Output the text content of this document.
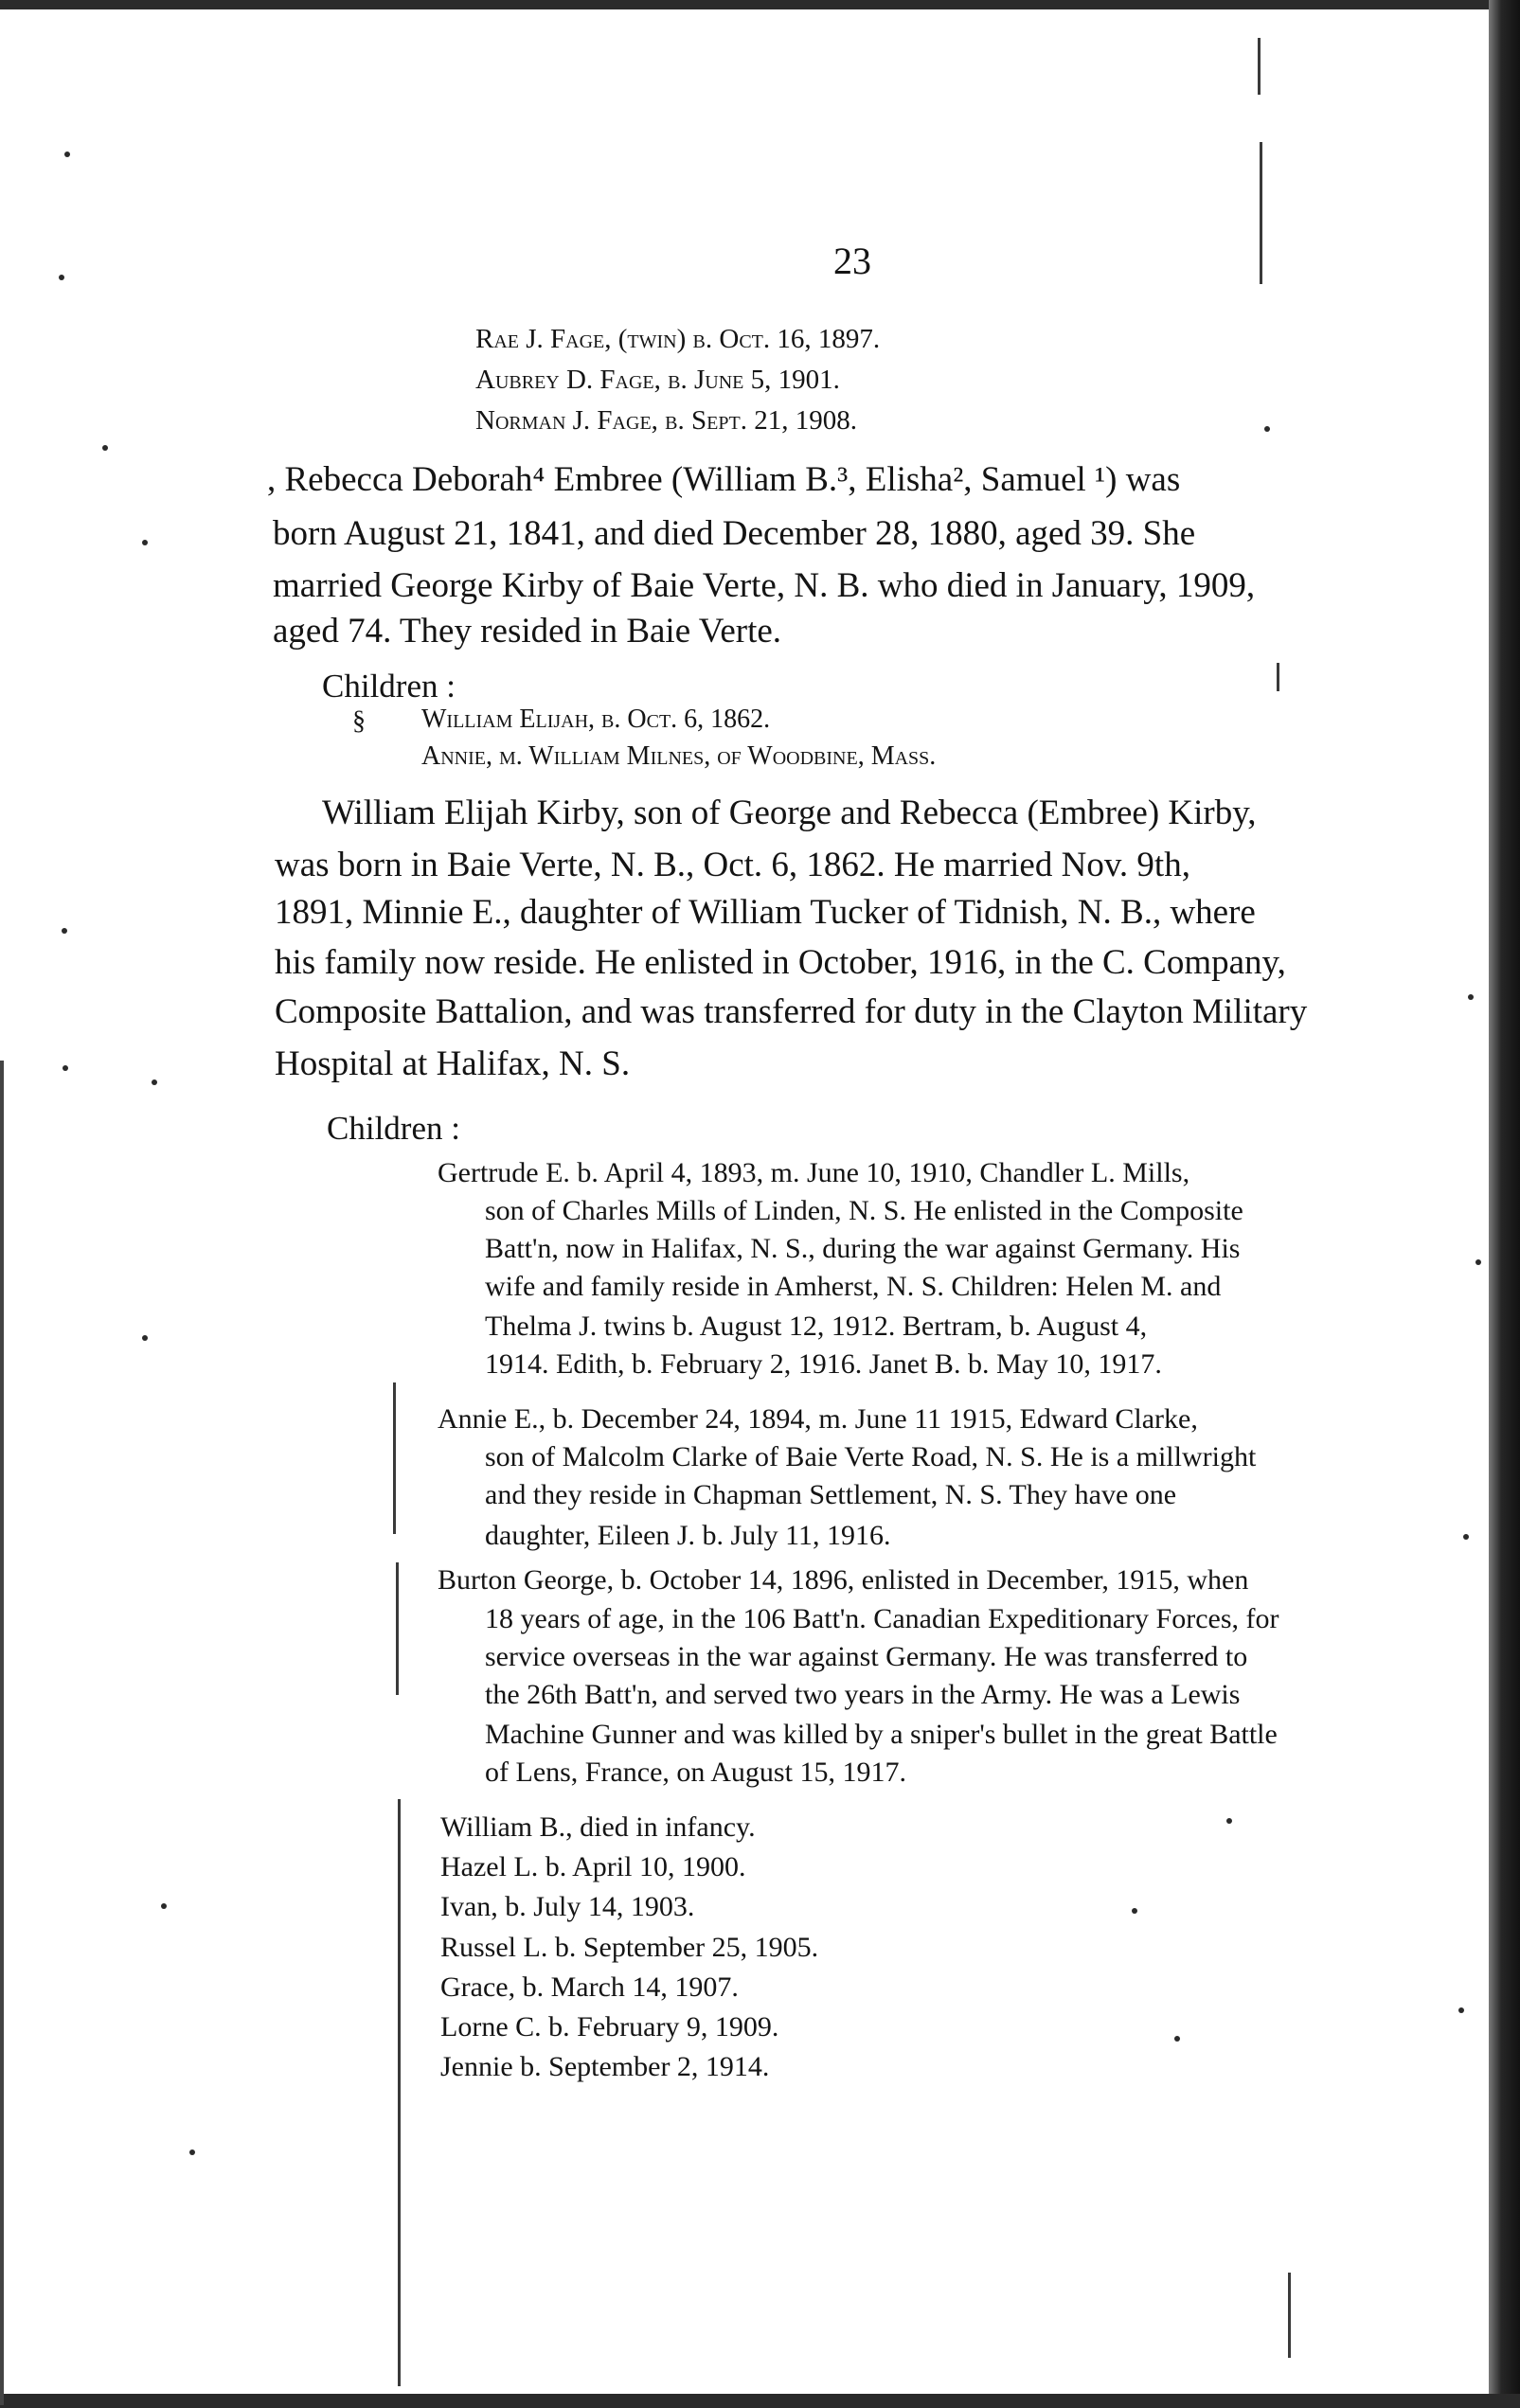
23
Rae J. Fage, (twin) b. Oct. 16, 1897.
Aubrey D. Fage, b. June 5, 1901.
Norman J. Fage, b. Sept. 21, 1908.
, Rebecca Deborah⁴ Embree (William B.³, Elisha², Samuel ¹) was
born August 21, 1841, and died December 28, 1880, aged 39. She
married George Kirby of Baie Verte, N. B. who died in January, 1909,
aged 74. They resided in Baie Verte.
Children :
§ William Elijah, b. Oct. 6, 1862.
Annie, m. William Milnes, of Woodbine, Mass.
William Elijah Kirby, son of George and Rebecca (Embree) Kirby,
was born in Baie Verte, N. B., Oct. 6, 1862. He married Nov. 9th,
1891, Minnie E., daughter of William Tucker of Tidnish, N. B., where
his family now reside. He enlisted in October, 1916, in the C. Company,
Composite Battalion, and was transferred for duty in the Clayton Military
Hospital at Halifax, N. S.
Children :
Gertrude E. b. April 4, 1893, m. June 10, 1910, Chandler L. Mills,
son of Charles Mills of Linden, N. S. He enlisted in the Composite
Batt'n, now in Halifax, N. S., during the war against Germany. His
wife and family reside in Amherst, N. S. Children: Helen M. and
Thelma J. twins b. August 12, 1912. Bertram, b. August 4,
1914. Edith, b. February 2, 1916. Janet B. b. May 10, 1917.
Annie E., b. December 24, 1894, m. June 11 1915, Edward Clarke,
son of Malcolm Clarke of Baie Verte Road, N. S. He is a millwright
and they reside in Chapman Settlement, N. S. They have one
daughter, Eileen J. b. July 11, 1916.
Burton George, b. October 14, 1896, enlisted in December, 1915, when
18 years of age, in the 106 Batt'n. Canadian Expeditionary Forces, for
service overseas in the war against Germany. He was transferred to
the 26th Batt'n, and served two years in the Army. He was a Lewis
Machine Gunner and was killed by a sniper's bullet in the great Battle
of Lens, France, on August 15, 1917.
William B., died in infancy.
Hazel L. b. April 10, 1900.
Ivan, b. July 14, 1903.
Russel L. b. September 25, 1905.
Grace, b. March 14, 1907.
Lorne C. b. February 9, 1909.
Jennie b. September 2, 1914.
